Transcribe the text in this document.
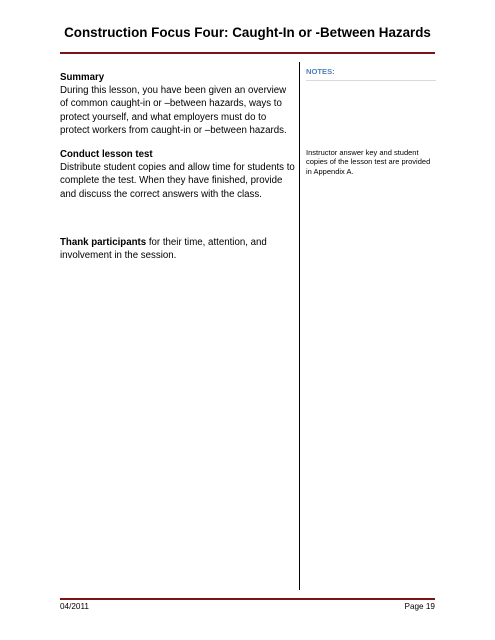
Construction Focus Four: Caught-In or -Between Hazards
Summary

During this lesson, you have been given an overview of common caught-in or –between hazards, ways to protect yourself, and what employers must do to protect workers from caught-in or –between hazards.

Conduct lesson test

Distribute student copies and allow time for students to complete the test. When they have finished, provide and discuss the correct answers with the class.

Thank participants for their time, attention, and involvement in the session.

NOTES:

Instructor answer key and student copies of the lesson test are provided in Appendix A.

04/2011	Page 19
